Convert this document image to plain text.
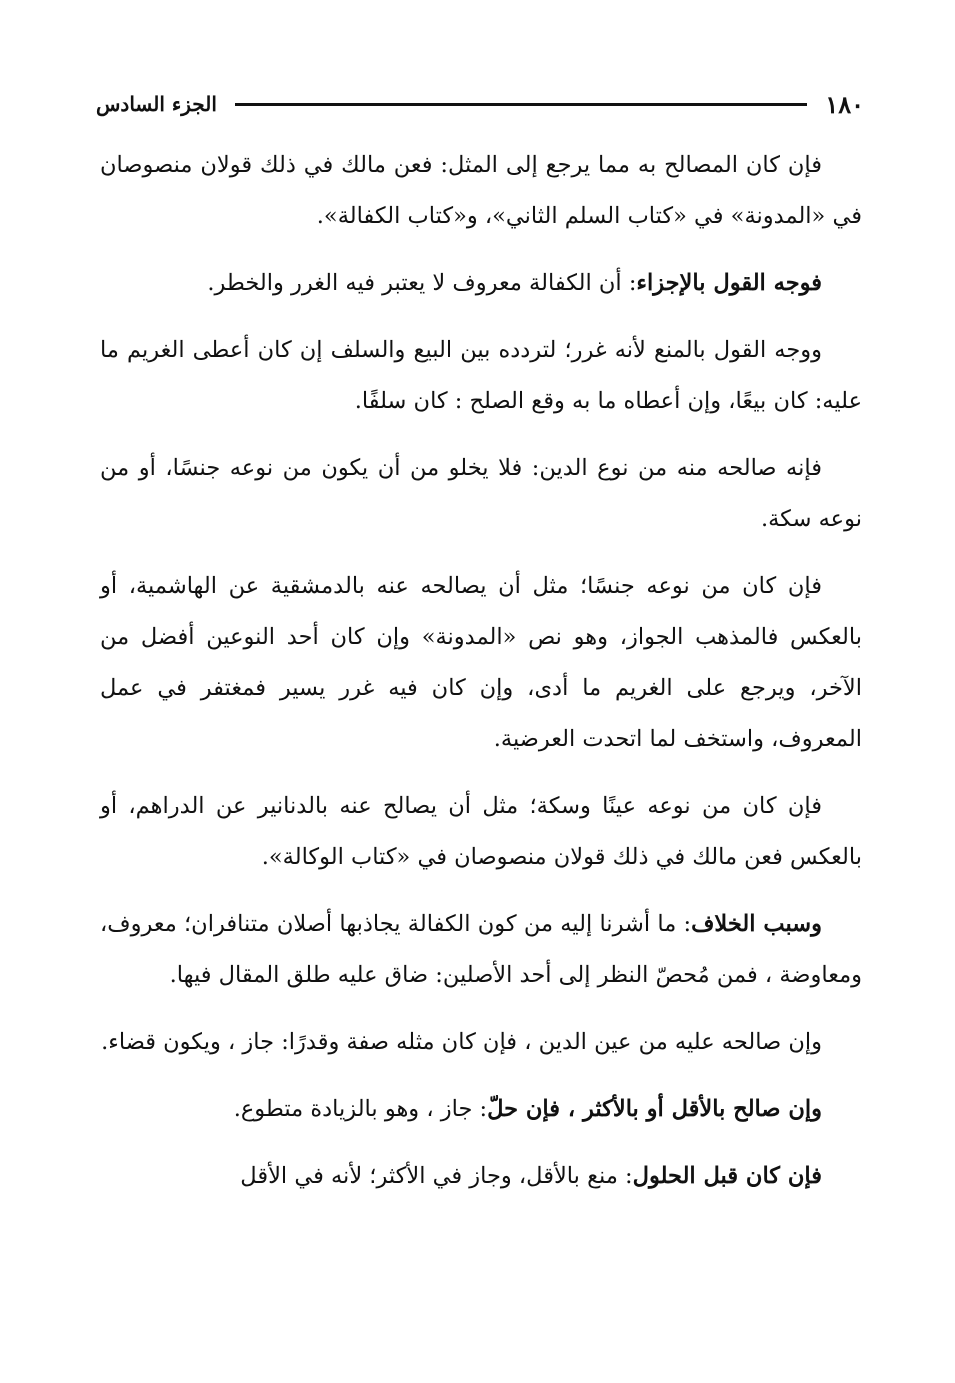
١٨٠
الجزء السادس

فإن كان المصالح به مما يرجع إلى المثل: فعن مالك في ذلك قولان منصوصان في «المدونة» في «كتاب السلم الثاني»، و«كتاب الكفالة».

فوجه القول بالإجزاء: أن الكفالة معروف لا يعتبر فيه الغرر والخطر.

ووجه القول بالمنع لأنه غرر؛ لتردده بين البيع والسلف إن كان أعطى الغريم ما عليه: كان بيعًا، وإن أعطاه ما به وقع الصلح : كان سلفًا.

فإنه صالحه منه من نوع الدين: فلا يخلو من أن يكون من نوعه جنسًا، أو من نوعه سكة.

فإن كان من نوعه جنسًا؛ مثل أن يصالحه عنه بالدمشقية عن الهاشمية، أو بالعكس فالمذهب الجواز، وهو نص «المدونة» وإن كان أحد النوعين أفضل من الآخر، ويرجع على الغريم ما أدى، وإن كان فيه غرر يسير فمغتفر في عمل المعروف، واستخف لما اتحدت العرضية.

فإن كان من نوعه عينًا وسكة؛ مثل أن يصالح عنه بالدنانير عن الدراهم، أو بالعكس فعن مالك في ذلك قولان منصوصان في «كتاب الوكالة».

وسبب الخلاف: ما أشرنا إليه من كون الكفالة يجاذبها أصلان متنافران؛ معروف، ومعاوضة ، فمن مُحصّ النظر إلى أحد الأصلين: ضاق عليه طلق المقال فيها.

وإن صالحه عليه من عين الدين ، فإن كان مثله صفة وقدرًا: جاز ، ويكون قضاء.

وإن صالح بالأقل أو بالأكثر ، فإن حلّ: جاز ، وهو بالزيادة متطوع.

فإن كان قبل الحلول: منع بالأقل، وجاز في الأكثر؛ لأنه في الأقل
